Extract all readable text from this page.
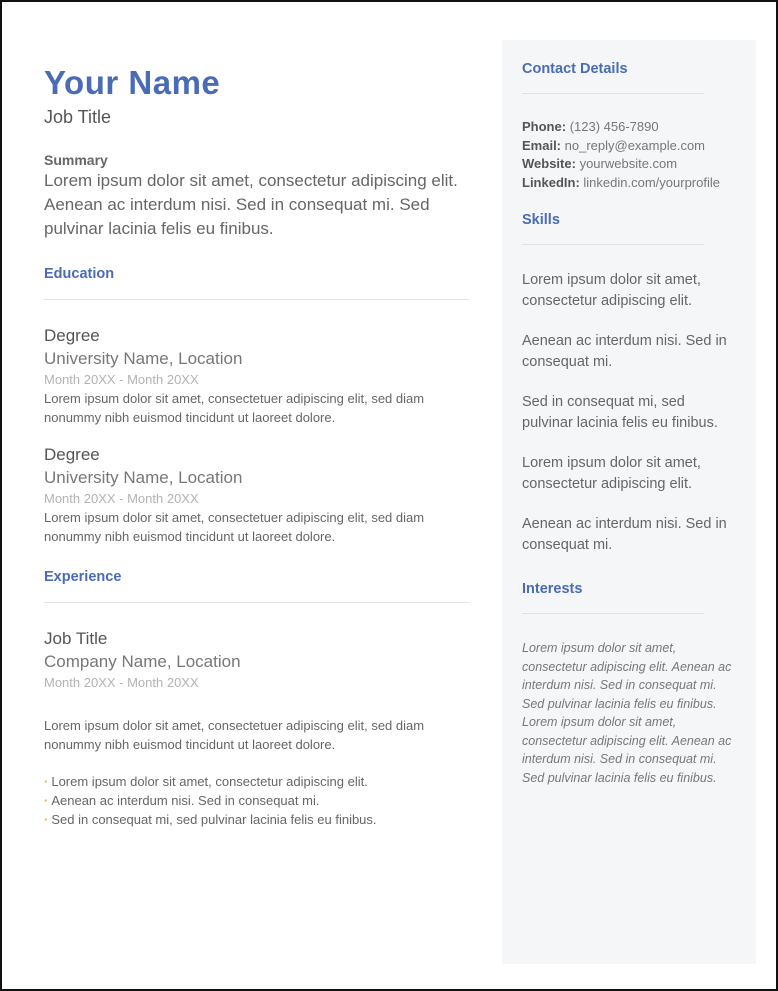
Your Name
Job Title
Summary
Lorem ipsum dolor sit amet, consectetur adipiscing elit. Aenean ac interdum nisi. Sed in consequat mi. Sed pulvinar lacinia felis eu finibus.
Education
Degree
University Name, Location
Month 20XX - Month 20XX
Lorem ipsum dolor sit amet, consectetuer adipiscing elit, sed diam nonummy nibh euismod tincidunt ut laoreet dolore.
Degree
University Name, Location
Month 20XX - Month 20XX
Lorem ipsum dolor sit amet, consectetuer adipiscing elit, sed diam nonummy nibh euismod tincidunt ut laoreet dolore.
Experience
Job Title
Company Name, Location
Month 20XX - Month 20XX
Lorem ipsum dolor sit amet, consectetuer adipiscing elit, sed diam nonummy nibh euismod tincidunt ut laoreet dolore.
· Lorem ipsum dolor sit amet, consectetur adipiscing elit.
· Aenean ac interdum nisi. Sed in consequat mi.
· Sed in consequat mi, sed pulvinar lacinia felis eu finibus.
Contact Details
Phone: (123) 456-7890
Email: no_reply@example.com
Website: yourwebsite.com
LinkedIn: linkedin.com/yourprofile
Skills
Lorem ipsum dolor sit amet, consectetur adipiscing elit.
Aenean ac interdum nisi. Sed in consequat mi.
Sed in consequat mi, sed pulvinar lacinia felis eu finibus.
Lorem ipsum dolor sit amet, consectetur adipiscing elit.
Aenean ac interdum nisi. Sed in consequat mi.
Interests
Lorem ipsum dolor sit amet, consectetur adipiscing elit. Aenean ac interdum nisi. Sed in consequat mi. Sed pulvinar lacinia felis eu finibus. Lorem ipsum dolor sit amet, consectetur adipiscing elit. Aenean ac interdum nisi. Sed in consequat mi. Sed pulvinar lacinia felis eu finibus.
